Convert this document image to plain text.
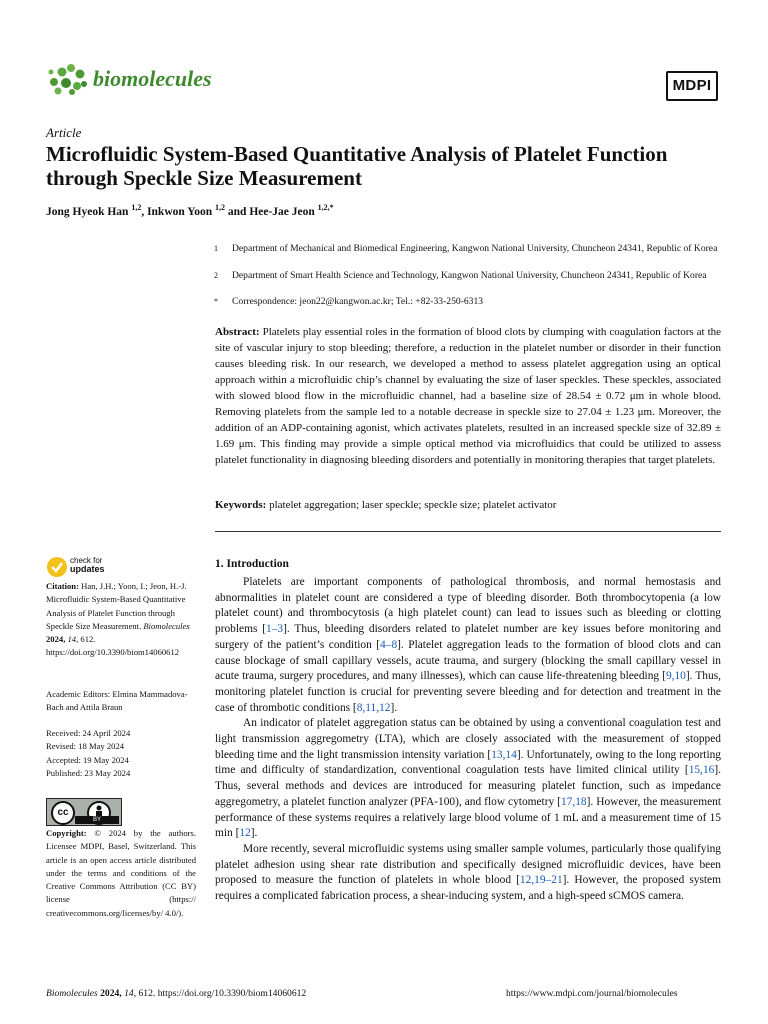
biomolecules	MDPI
Article
Microfluidic System-Based Quantitative Analysis of Platelet Function through Speckle Size Measurement
Jong Hyeok Han $^{1,2}$, Inkwon Yoon $^{1,2}$ and Hee-Jae Jeon $^{1,2,*}$
1 Department of Mechanical and Biomedical Engineering, Kangwon National University, Chuncheon 24341, Republic of Korea
2 Department of Smart Health Science and Technology, Kangwon National University, Chuncheon 24341, Republic of Korea
* Correspondence: jeon22@kangwon.ac.kr; Tel.: +82-33-250-6313
Abstract: Platelets play essential roles in the formation of blood clots by clumping with coagulation factors at the site of vascular injury to stop bleeding; therefore, a reduction in the platelet number or disorder in their function causes bleeding risk. In our research, we developed a method to assess platelet aggregation using an optical approach within a microfluidic chip’s channel by evaluating the size of laser speckles. These speckles, associated with slowed blood flow in the microfluidic channel, had a baseline size of 28.54 ± 0.72 μm in whole blood. Removing platelets from the sample led to a notable decrease in speckle size to 27.04 ± 1.23 μm. Moreover, the addition of an ADP-containing agonist, which activates platelets, resulted in an increased speckle size of 32.89 ± 1.69 μm. This finding may provide a simple optical method via microfluidics that could be utilized to assess platelet functionality in diagnosing bleeding disorders and potentially in monitoring therapies that target platelets.
Keywords: platelet aggregation; laser speckle; speckle size; platelet activator
check for
updates
Citation: Han, J.H.; Yoon, I.; Jeon, H.-J. Microfluidic System-Based Quantitative Analysis of Platelet Function through Speckle Size Measurement. Biomolecules 2024, 14, 612. https://doi.org/10.3390/biom14060612
Academic Editors: Elmina Mammadova-Bach and Attila Braun
Received: 24 April 2024
Revised: 18 May 2024
Accepted: 19 May 2024
Published: 23 May 2024
cc
BY
Copyright: © 2024 by the authors. Licensee MDPI, Basel, Switzerland. This article is an open access article distributed under the terms and conditions of the Creative Commons Attribution (CC BY) license (https:// creativecommons.org/licenses/by/ 4.0/).
1. Introduction

Platelets are important components of pathological thrombosis, and normal hemostasis and abnormalities in platelet count are considered a type of bleeding disorder. Both thrombocytopenia (a low platelet count) and thrombocytosis (a high platelet count) can lead to issues such as bleeding or clotting problems [1–3]. Thus, bleeding disorders related to platelet number are key issues before monitoring and surgery of the patient’s condition [4–8]. Platelet aggregation leads to the formation of blood clots and can cause blockage of small capillary vessels, acute trauma, and surgery (blocking the small capillary vessel in acute trauma, surgery procedures, and many illnesses), which can cause life-threatening bleeding [9,10]. Thus, monitoring platelet function is crucial for preventing severe bleeding and for detection and treatment in the case of thrombotic conditions [8,11,12].

An indicator of platelet aggregation status can be obtained by using a conventional coagulation test and light transmission aggregometry (LTA), which are closely associated with the measurement of stopped bleeding time and the light transmission intensity variation [13,14]. Unfortunately, owing to the long reporting time and difficulty of standardization, conventional coagulation tests have limited clinical utility [15,16]. Thus, several methods and devices are introduced for measuring platelet function, such as impedance aggregometry, a platelet function analyzer (PFA-100), and flow cytometry [17,18]. However, the measurement performance of these systems requires a relatively large blood volume of 1 mL and a measurement time of 15 min [12].

More recently, several microfluidic systems using smaller sample volumes, particularly those qualifying platelet adhesion using shear rate distribution and specifically designed microfluidic devices, have been proposed to measure the function of platelets in whole blood [12,19–21]. However, the proposed system requires a complicated fabrication process, a shear-inducing system, and a high-speed sCMOS camera.

Biomolecules 2024, 14, 612. https://doi.org/10.3390/biom14060612	https://www.mdpi.com/journal/biomolecules
